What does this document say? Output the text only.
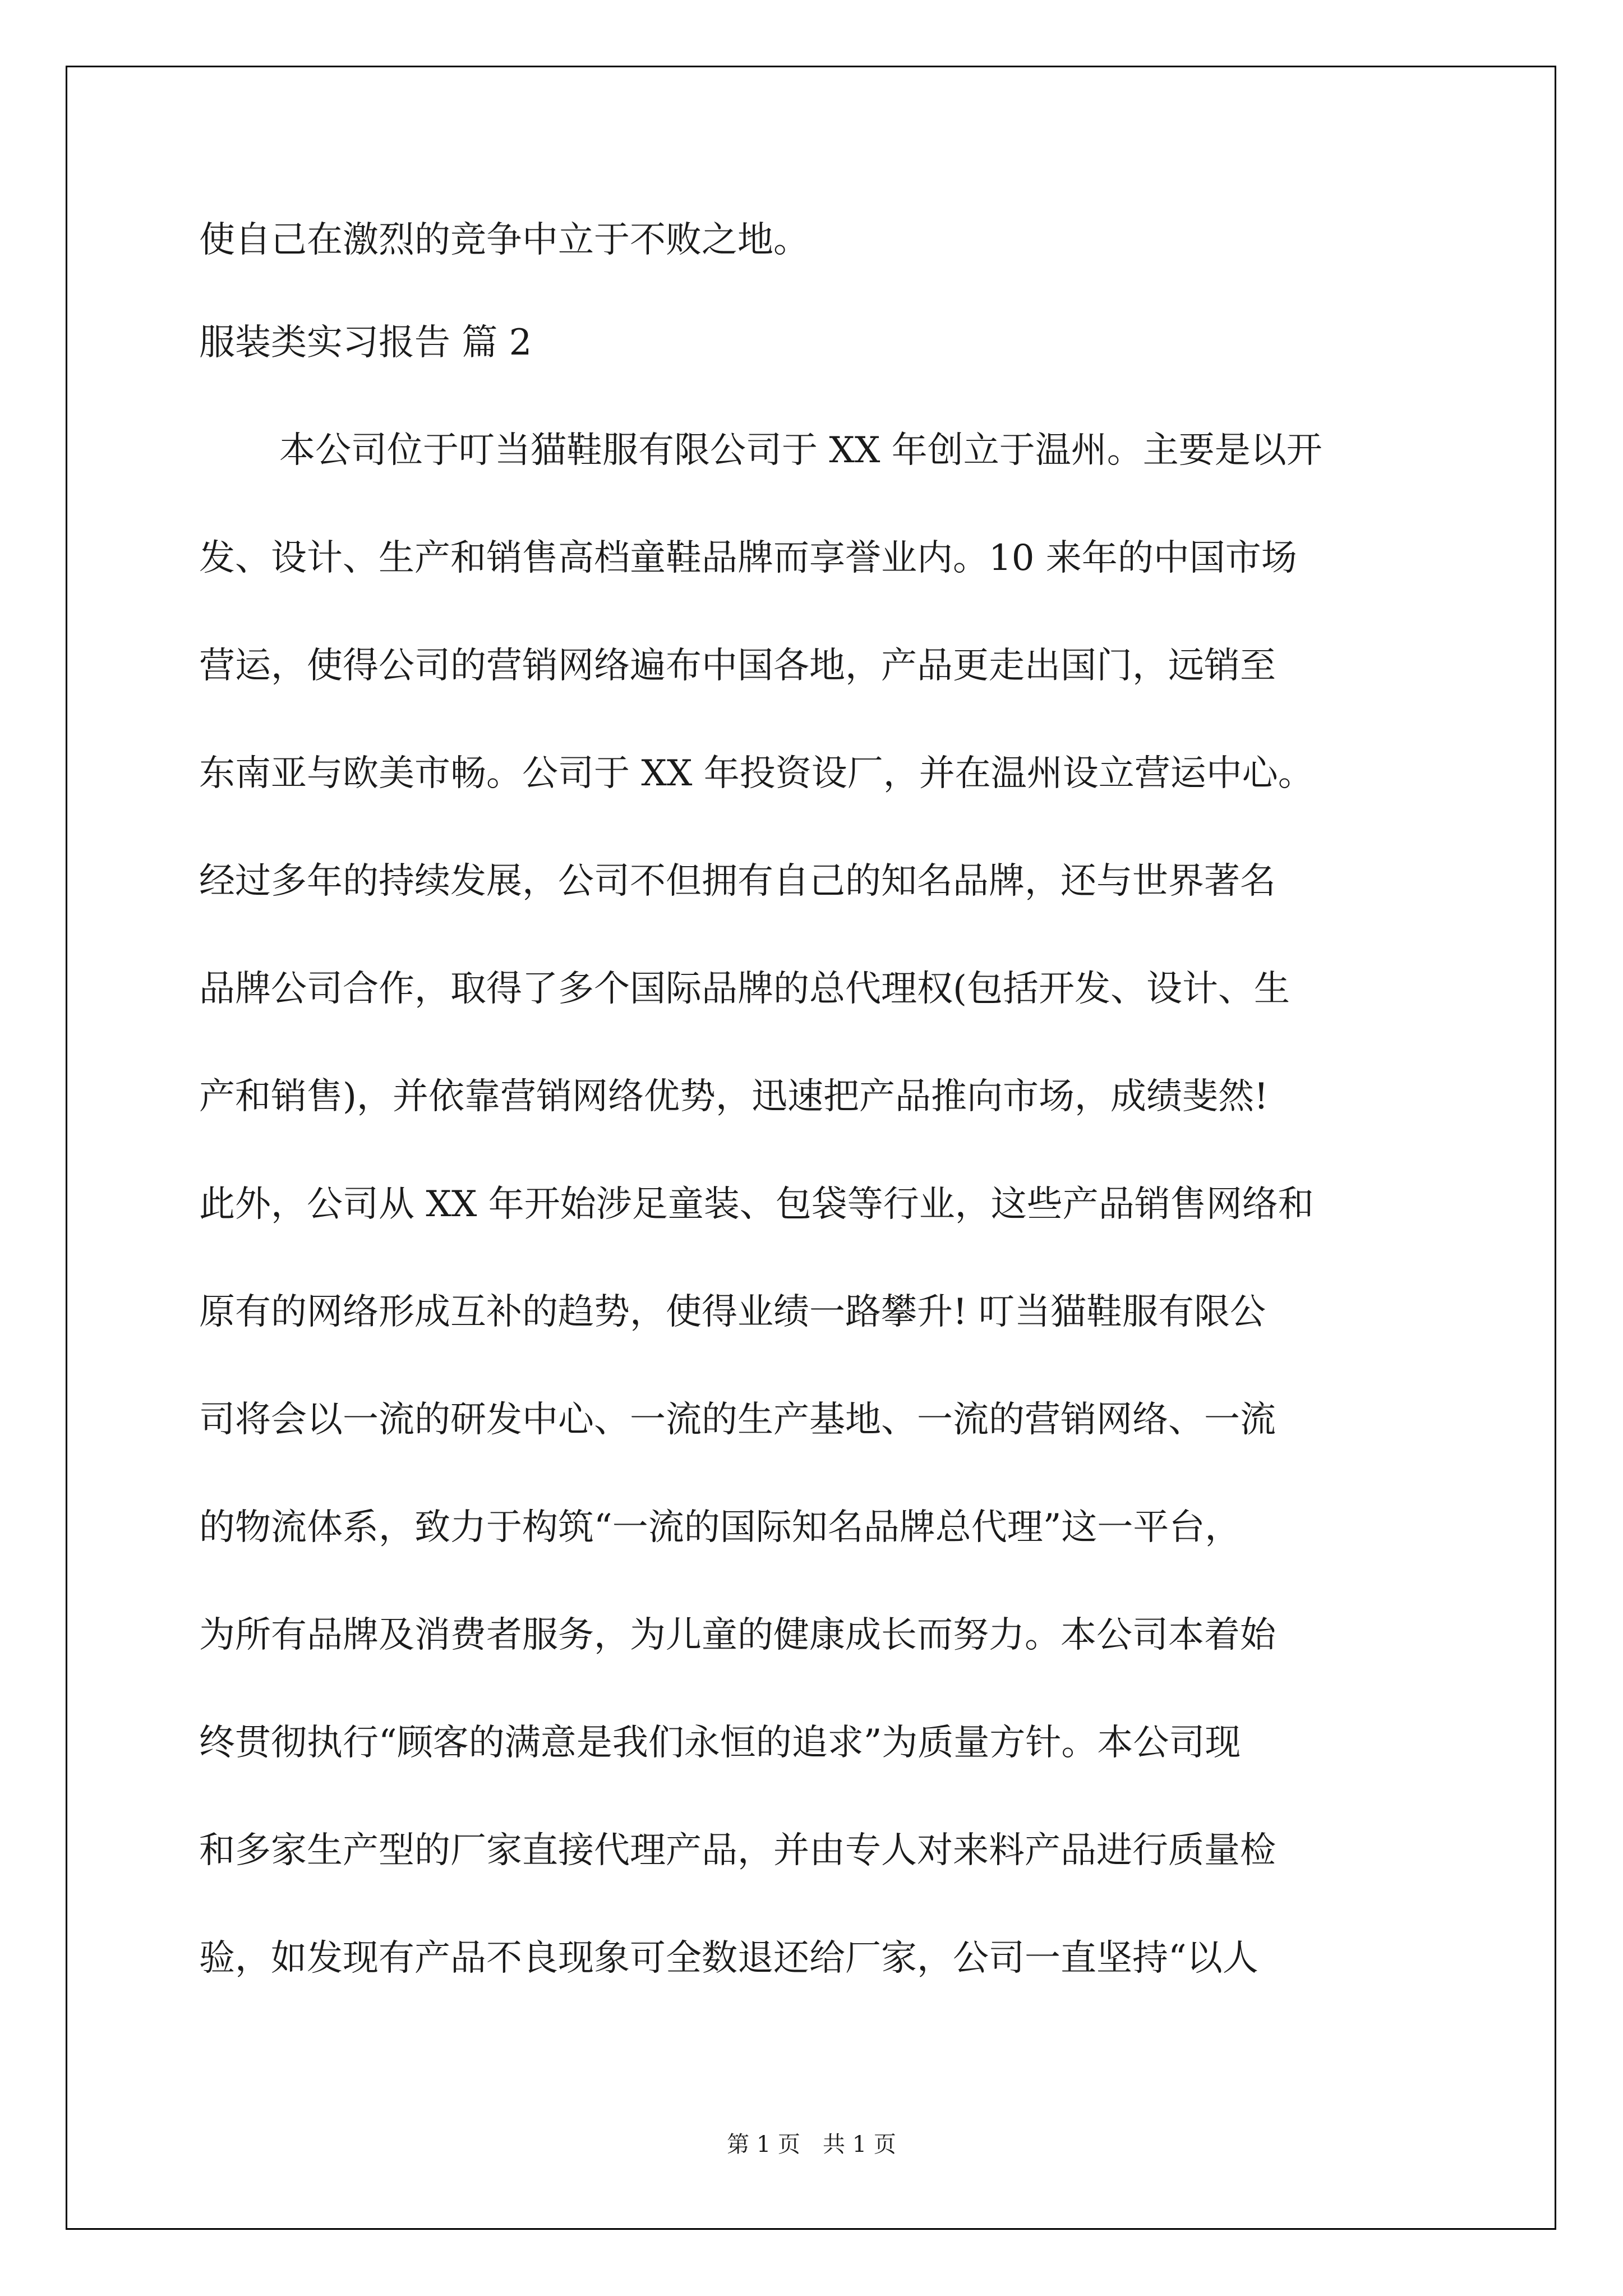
使自己在激烈的竞争中立于不败之地。

服装类实习报告 篇 2

本公司位于叮当猫鞋服有限公司于 XX 年创立于温州。主要是以开

发、设计、生产和销售高档童鞋品牌而享誉业内。10 来年的中国市场

营运，使得公司的营销网络遍布中国各地，产品更走出国门，远销至

东南亚与欧美市畅。公司于 XX 年投资设厂，并在温州设立营运中心。

经过多年的持续发展，公司不但拥有自己的知名品牌，还与世界著名

品牌公司合作，取得了多个国际品牌的总代理权(包括开发、设计、生

产和销售)，并依靠营销网络优势，迅速把产品推向市场，成绩斐然!

此外，公司从 XX 年开始涉足童装、包袋等行业，这些产品销售网络和

原有的网络形成互补的趋势，使得业绩一路攀升! 叮当猫鞋服有限公

司将会以一流的研发中心、一流的生产基地、一流的营销网络、一流

的物流体系，致力于构筑“一流的国际知名品牌总代理”这一平台，

为所有品牌及消费者服务，为儿童的健康成长而努力。本公司本着始

终贯彻执行“顾客的满意是我们永恒的追求”为质量方针。本公司现

和多家生产型的厂家直接代理产品，并由专人对来料产品进行质量检

验，如发现有产品不良现象可全数退还给厂家，公司一直坚持“以人

第 1 页　共 1 页
